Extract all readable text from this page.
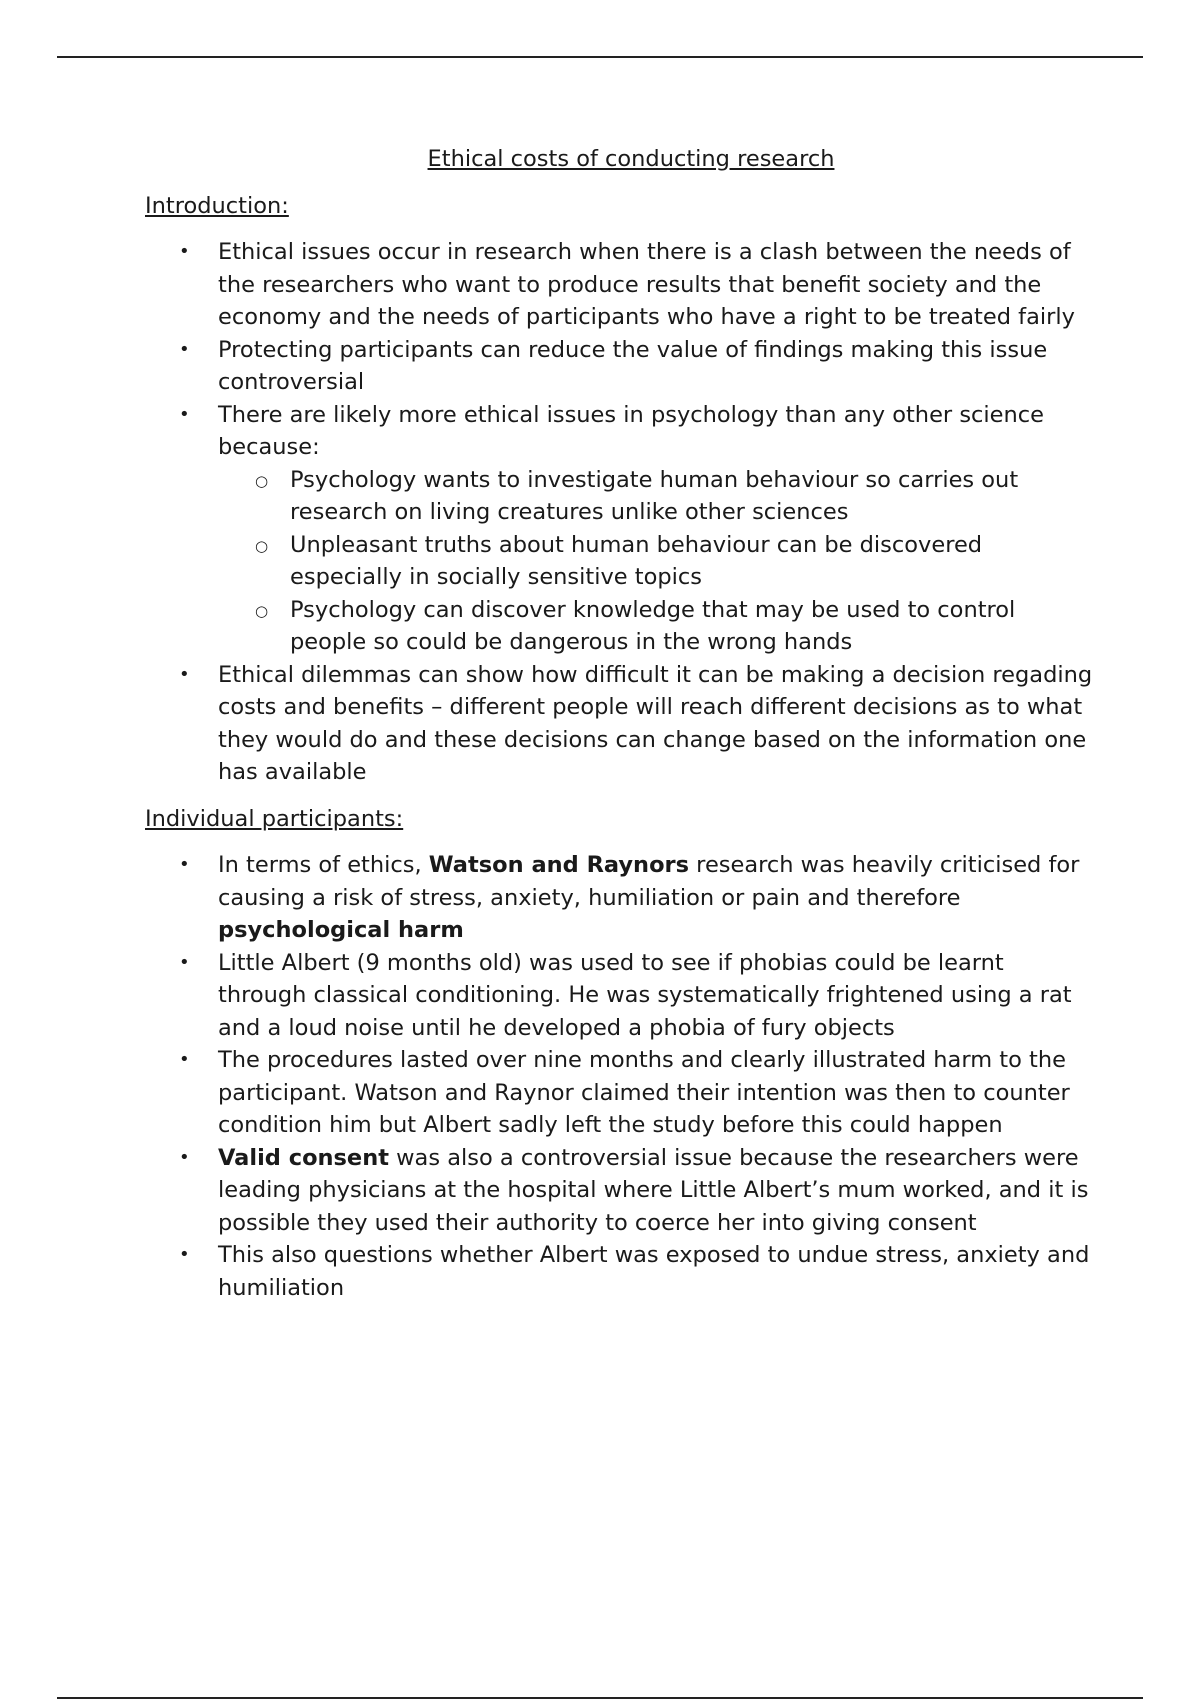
Ethical costs of conducting research
Introduction:
• Ethical issues occur in research when there is a clash between the needs of the researchers who want to produce results that benefit society and the economy and the needs of participants who have a right to be treated fairly
• Protecting participants can reduce the value of findings making this issue controversial
• There are likely more ethical issues in psychology than any other science because:
○ Psychology wants to investigate human behaviour so carries out research on living creatures unlike other sciences
○ Unpleasant truths about human behaviour can be discovered especially in socially sensitive topics
○ Psychology can discover knowledge that may be used to control people so could be dangerous in the wrong hands
• Ethical dilemmas can show how difficult it can be making a decision regading costs and benefits – different people will reach different decisions as to what they would do and these decisions can change based on the information one has available
Individual participants:
• In terms of ethics, Watson and Raynors research was heavily criticised for causing a risk of stress, anxiety, humiliation or pain and therefore psychological harm
• Little Albert (9 months old) was used to see if phobias could be learnt through classical conditioning. He was systematically frightened using a rat and a loud noise until he developed a phobia of fury objects
• The procedures lasted over nine months and clearly illustrated harm to the participant. Watson and Raynor claimed their intention was then to counter condition him but Albert sadly left the study before this could happen
• Valid consent was also a controversial issue because the researchers were leading physicians at the hospital where Little Albert’s mum worked, and it is possible they used their authority to coerce her into giving consent
• This also questions whether Albert was exposed to undue stress, anxiety and humiliation
